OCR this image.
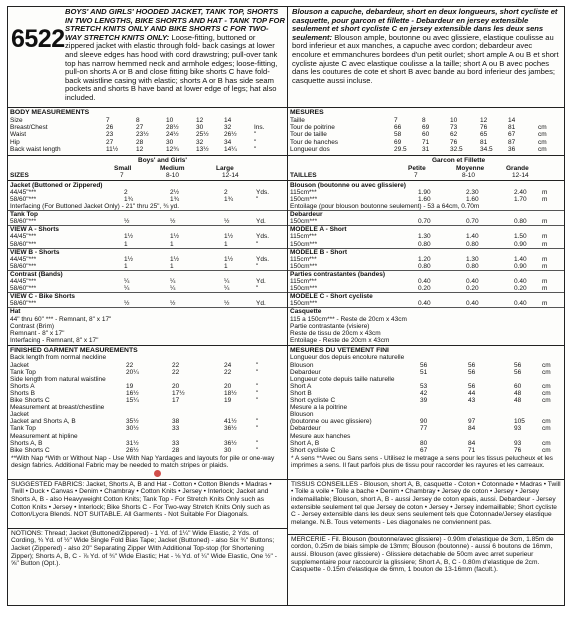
6522
BOYS' AND GIRLS' HOODED JACKET, TANK TOP, SHORTS IN TWO LENGTHS, BIKE SHORTS AND HAT - TANK TOP FOR STRETCH KNITS ONLY AND BIKE SHORTS C FOR TWO-WAY STRETCH KNITS ONLY: Loose-fitting, buttoned or zippered jacket with elastic through fold- back casings at lower and sleeve edges has hood with cord drawstring; pull-over tank top has narrow hemmed neck and armhole edges; loose-fitting, pull-on shorts A or B and close fitting bike shorts C have fold-back waistline casing with elastic; shorts A or B has side seam pockets and shorts B have band at lower edge of legs; hat also included.
BODY MEASUREMENTS
Size	7	8	10	12	14
Breast/Chest	26	27	28½	30	32	Ins.
Waist	23	23½	24½	25½ 26½	"
Hip	27	28	30	32	34	"
Back waist length	11½	12	12¾	13½ 14¼	"
Boys' and Girls'
Small	Medium	Large
SIZES	7	8-10	12-14
Jacket (Buttoned or Zippered)
44/45"***	2	2½	2	Yds.
58/60"***	1¾	1¾	1¾	"
Interfacing (For Buttoned Jacket Only) - 21" thru 25", ¾ yd.
Tank Top
58/60"***	½	½	½	Yd.
VIEW A - Shorts
44/45"***	1½	1½	1½	Yds.
58/60"***	1	1	1	"
VIEW B - Shorts
44/45"***	1½	1½	1½	Yds.
58/60"***	1	1	1	"
Contrast (Bands)
44/45"***	¼	¼	¼	Yd.
58/60"***	¼	¼	¼	"
VIEW C - Bike Shorts
58/60"***	½	½	½	Yd.
Hat
44" thru 60" *** - Remnant, 8" x 17"
Contrast (Brim)
Remnant - 8" x 17"
Interfacing - Remnant, 8" x 17"
FINISHED GARMENT MEASUREMENTS
Back length from normal neckline
Jacket	22	22	24	"
Tank Top	20¼	22	22	"
Side length from natural waistline
Shorts A	19	20	20	"
Shorts B	16½	17½	18½	"
Bike Shorts C	15¼	17	19	"
Measurement at breast/chestline
Jacket
Jacket and Shorts A, B	35½	38	41½	"
Tank Top	30½	33	36½	"
Measurement at hipline
Shorts A, B	31½	33	36½	"
Bike Shorts C	26½	28	30	"
**With Nap *With or Without Nap - Use With Nap Yardages and layouts for pile or one-way design fabrics. Additional Fabric may be needed to match stripes or plaids.
SUGGESTED FABRICS: Jacket, Shorts A, B and Hat - Cotton • Cotton Blends • Madras • Twill • Duck • Canvas • Denim • Chambray • Cotton Knits • Jersey • Interlock; Jacket and Shorts A, B - also Heavyweight Cotton Knits; Tank Top - For Stretch Knits Only such as Cotton Knits • Jersey • Interlock; Bike Shorts C - For Two-way Stretch Knits Only such as Cotton/Lycra Blends. NOT SUITABLE. All Garments - Not Suitable For Diagonals.
NOTIONS: Thread; Jacket (Buttoned/Zippered) - 1 Yd. of 1¼" Wide Elastic, 2 Yds. of Cording, ¾ Yd. of ½" Wide Single Fold Bias Tape; Jacket (Buttoned) - also Six ¾" Buttons; Jacket (Zippered) - also 20" Separating Zipper With Additional Top-stop (for Shortening Zipper); Shorts A, B, C - ⅞ Yd. of ¾" Wide Elastic; Hat - ⅛ Yd. of ¼" Wide Elastic, One ½" - ⅝" Button (Opt.).
Blouson a capuche, debardeur, short en deux longueurs, short cycliste et casquette, pour garcon et fillette - Debardeur en jersey extensible seulement et short cycliste C en jersey extensible dans les deux sens seulement: Blouson ample, boutonne ou avec glissiere, elastique coulisse au bord inferieur et aux manches, a capuche avec cordon; debardeur avec encolure et emmanchures bordees d'un petit ourlet; short ample A ou B et short cycliste ajuste C avec elastique coulisse a la taille; short A ou B avec poches dans les coutures de cote et short B avec bande au bord inferieur des jambes; casquette aussi incluse.
MESURES
Taille	7	8	10	12	14
Tour de poitrine	66	69	73	76	81	cm
Tour de taille	58	60	62	65	67	cm
Tour de hanches	69	71	76	81	87	cm
Longueur dos	29.5 31	32.5	34.5 36	cm
Garcon et Fillette
Petite	Moyenne	Grande
TAILLES	7	8-10	12-14
Blouson (boutonne ou avec glissiere)
115cm***	1.90	2.30	2.40 m
150cm***	1.60	1.60	1.70 m
Entoilage (pour blouson boutonne seulement) - 53 a 64cm, 0.70m
Debardeur
150cm***	0.70	0.70	0.80 m
MODELE A - Short
115cm***	1.30	1.40	1.50 m
150cm***	0.80	0.80	0.90 m
MODELE B - Short
115cm***	1.20	1.30	1.40 m
150cm***	0.80	0.80	0.90 m
Parties contrastantes (bandes)
115cm***	0.40	0.40	0.40 m
150cm***	0.20	0.20	0.20 m
MODELE C - Short cycliste
150cm***	0.40	0.40	0.40 m
Casquette
115 a 150cm*** - Reste de 20cm x 43cm
Partie contrastante (visiere)
Reste de tissu de 20cm x 43cm
Entoilage - Reste de 20cm x 43cm
MESURES DU VETEMENT FINI
Longueur dos depuis encolure naturelle
Blouson	56	56	56	cm
Debardeur	51	56	56	cm
Longueur cote depuis taille naturelle
Short A	53	56	60	cm
Short B	42	44	48	cm
Short cycliste C	39	43	48	cm
Mesure a la poitrine
Blouson
(boutonne ou avec glissiere)	90	97	105	cm
Debardeur	77	84	93	cm
Mesure aux hanches
Short A, B	80	84	93	cm
Short cycliste C	67	71	76	cm
* A sens **Avec ou Sans sens - Utilisez le metrage a sens pour les tissus pelucheux et les imprimes a sens. Il faut parfois plus de tissu pour raccorder les rayures et les carreaux.
TISSUS CONSEILLES - Blouson, short A, B, casquette - Coton • Cotonnade • Madras • Twill • Toile a voile • Toile a bache • Denim • Chambray • Jersey de coton • Jersey • Jersey indemaillable; Blouson, short A, B - aussi Jersey de coton epais, aussi. Debardeur - Jersey extensible seulement tel que Jersey de coton • Jersey • Jersey indemaillable; Short cycliste C - Jersey extensible dans les deux sens seulement tels que Cotonnade/Jersey elastique melange. N.B. Tous vetements - Les diagonales ne conviennent pas.
MERCERIE - Fil. Blouson (boutonne/avec glissiere) - 0.90m d'elastique de 3cm, 1.85m de cordon, 0.25m de biais simple de 13mm; Blouson (boutonne) - aussi 6 boutons de 16mm, aussi. Blouson (avec glissiere) - Glissiere detachable de 50cm avec arret superieur supplementaire pour raccourcir la glissiere; Short A, B, C - 0.80m d'elastique de 2cm. Casquette - 0.15m d'elastique de 6mm, 1 bouton de 13-16mm (facult.).
